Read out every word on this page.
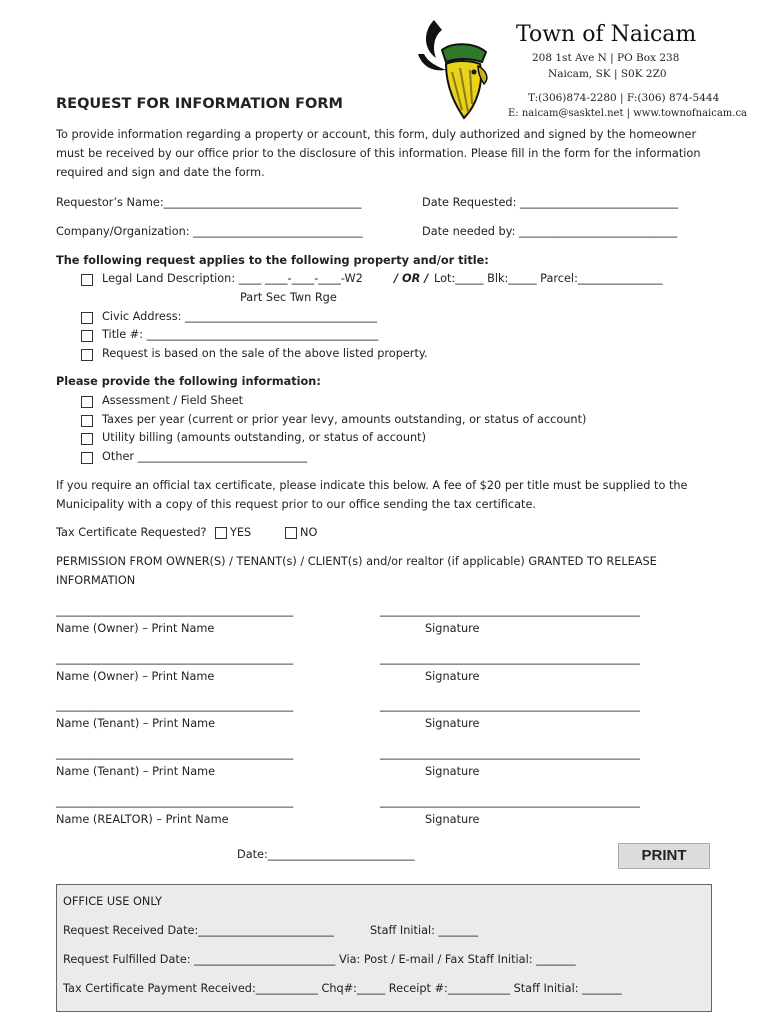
Town of Naicam
208 1st Ave N | PO Box 238
Naicam, SK | S0K 2Z0
T:(306)874-2280 | F:(306) 874-5444
E: naicam@sasktel.net | www.townofnaicam.ca
REQUEST FOR INFORMATION FORM
To provide information regarding a property or account, this form, duly authorized and signed by the homeowner
must be received by our office prior to the disclosure of this information. Please fill in the form for the information
required and sign and date the form.
Requestor’s Name:___________________________________	Date Requested: ____________________________
Company/Organization: ______________________________	Date needed by: ____________________________
The following request applies to the following property and/or title:
Legal Land Description: ____ ____-____-____-W2	/ OR / Lot:_____ Blk:_____ Parcel:_______________
Part Sec Twn Rge
Civic Address: __________________________________
Title #: _________________________________________
Request is based on the sale of the above listed property.
Please provide the following information:
Assessment / Field Sheet
Taxes per year (current or prior year levy, amounts outstanding, or status of account)
Utility billing (amounts outstanding, or status of account)
Other ______________________________
If you require an official tax certificate, please indicate this below. A fee of $20 per title must be supplied to the
Municipality with a copy of this request prior to our office sending the tax certificate.
Tax Certificate Requested? YES	NO
PERMISSION FROM OWNER(S) / TENANT(s) / CLIENT(s) and/or realtor (if applicable) GRANTED TO RELEASE
INFORMATION
__________________________________________	______________________________________________
Name (Owner) – Print Name	Signature
__________________________________________	______________________________________________
Name (Owner) – Print Name	Signature
__________________________________________	______________________________________________
Name (Tenant) – Print Name	Signature
__________________________________________	______________________________________________
Name (Tenant) – Print Name	Signature
__________________________________________	______________________________________________
Name (REALTOR) – Print Name	Signature
Date:__________________________	PRINT
OFFICE USE ONLY
Request Received Date:________________________	Staff Initial: _______
Request Fulfilled Date: _________________________ Via: Post / E-mail / Fax Staff Initial: _______
Tax Certificate Payment Received:___________ Chq#:_____ Receipt #:___________ Staff Initial: _______
